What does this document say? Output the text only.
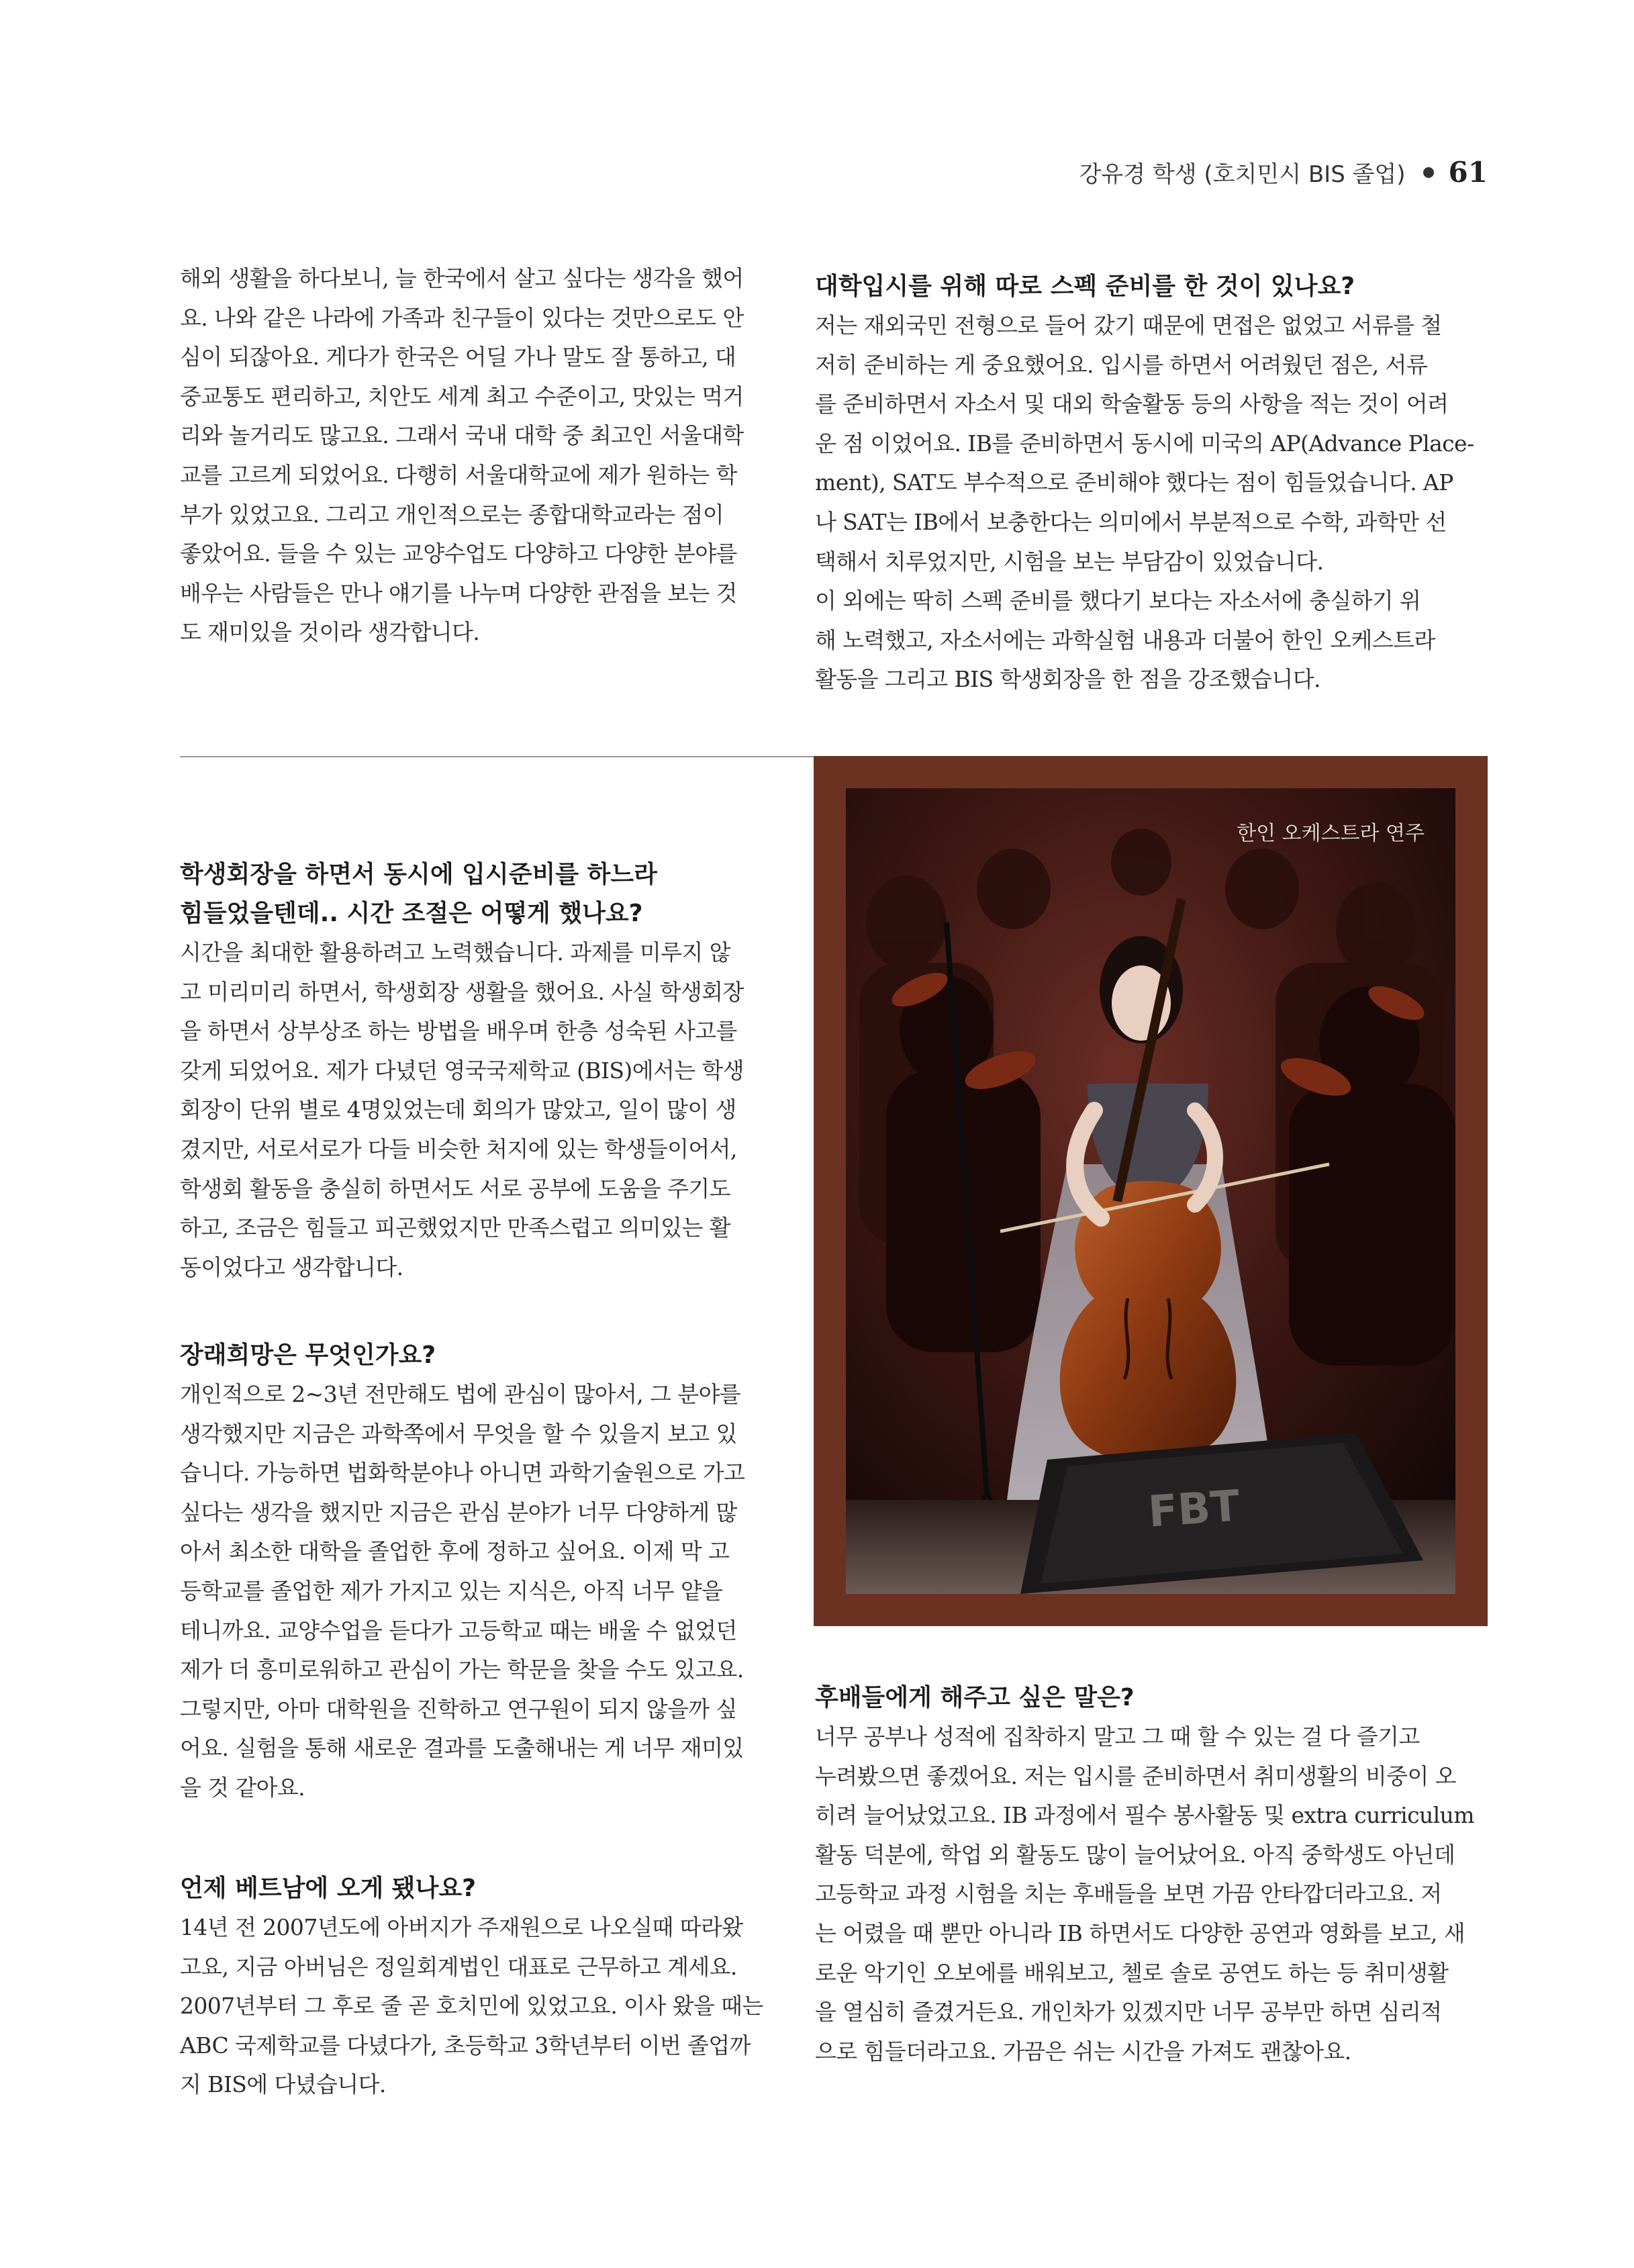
강유경 학생 (호치민시 BIS 졸업) 61
해외 생활을 하다보니, 늘 한국에서 살고 싶다는 생각을 했어
요. 나와 같은 나라에 가족과 친구들이 있다는 것만으로도 안
심이 되잖아요. 게다가 한국은 어딜 가나 말도 잘 통하고, 대
중교통도 편리하고, 치안도 세계 최고 수준이고, 맛있는 먹거
리와 놀거리도 많고요. 그래서 국내 대학 중 최고인 서울대학
교를 고르게 되었어요. 다행히 서울대학교에 제가 원하는 학
부가 있었고요. 그리고 개인적으로는 종합대학교라는 점이
좋았어요. 들을 수 있는 교양수업도 다양하고 다양한 분야를
배우는 사람들은 만나 얘기를 나누며 다양한 관점을 보는 것
도 재미있을 것이라 생각합니다.

대학입시를 위해 따로 스펙 준비를 한 것이 있나요?

저는 재외국민 전형으로 들어 갔기 때문에 면접은 없었고 서류를 철
저히 준비하는 게 중요했어요. 입시를 하면서 어려웠던 점은, 서류
를 준비하면서 자소서 및 대외 학술활동 등의 사항을 적는 것이 어려
운 점 이었어요. IB를 준비하면서 동시에 미국의 AP(Advance Place-
ment), SAT도 부수적으로 준비해야 했다는 점이 힘들었습니다. AP
나 SAT는 IB에서 보충한다는 의미에서 부분적으로 수학, 과학만 선
택해서 치루었지만, 시험을 보는 부담감이 있었습니다.
이 외에는 딱히 스펙 준비를 했다기 보다는 자소서에 충실하기 위
해 노력했고, 자소서에는 과학실험 내용과 더불어 한인 오케스트라
활동을 그리고 BIS 학생회장을 한 점을 강조했습니다.
학생회장을 하면서 동시에 입시준비를 하느라
힘들었을텐데.. 시간 조절은 어떻게 했나요?
시간을 최대한 활용하려고 노력했습니다. 과제를 미루지 않
고 미리미리 하면서, 학생회장 생활을 했어요. 사실 학생회장
을 하면서 상부상조 하는 방법을 배우며 한층 성숙된 사고를
갖게 되었어요. 제가 다녔던 영국국제학교 (BIS)에서는 학생
회장이 단위 별로 4명있었는데 회의가 많았고, 일이 많이 생
겼지만, 서로서로가 다들 비슷한 처지에 있는 학생들이어서,
학생회 활동을 충실히 하면서도 서로 공부에 도움을 주기도
하고, 조금은 힘들고 피곤했었지만 만족스럽고 의미있는 활
동이었다고 생각합니다.

장래희망은 무엇인가요?

개인적으로 2~3년 전만해도 법에 관심이 많아서, 그 분야를
생각했지만 지금은 과학쪽에서 무엇을 할 수 있을지 보고 있
습니다. 가능하면 법화학분야나 아니면 과학기술원으로 가고
싶다는 생각을 했지만 지금은 관심 분야가 너무 다양하게 많
아서 최소한 대학을 졸업한 후에 정하고 싶어요. 이제 막 고
등학교를 졸업한 제가 가지고 있는 지식은, 아직 너무 얕을
테니까요. 교양수업을 듣다가 고등학교 때는 배울 수 없었던
제가 더 흥미로워하고 관심이 가는 학문을 찾을 수도 있고요.
그렇지만, 아마 대학원을 진학하고 연구원이 되지 않을까 싶
어요. 실험을 통해 새로운 결과를 도출해내는 게 너무 재미있
을 것 같아요.

언제 베트남에 오게 됐나요?

14년 전 2007년도에 아버지가 주재원으로 나오실때 따라왔
고요, 지금 아버님은 정일회계법인 대표로 근무하고 계세요.
2007년부터 그 후로 줄 곧 호치민에 있었고요. 이사 왔을 때는
ABC 국제학교를 다녔다가, 초등학교 3학년부터 이번 졸업까
지 BIS에 다녔습니다.
FBT
한인 오케스트라 연주

후배들에게 해주고 싶은 말은?

너무 공부나 성적에 집착하지 말고 그 때 할 수 있는 걸 다 즐기고
누려봤으면 좋겠어요. 저는 입시를 준비하면서 취미생활의 비중이 오
히려 늘어났었고요. IB 과정에서 필수 봉사활동 및 extra curriculum
활동 덕분에, 학업 외 활동도 많이 늘어났어요. 아직 중학생도 아닌데
고등학교 과정 시험을 치는 후배들을 보면 가끔 안타깝더라고요. 저
는 어렸을 때 뿐만 아니라 IB 하면서도 다양한 공연과 영화를 보고, 새
로운 악기인 오보에를 배워보고, 첼로 솔로 공연도 하는 등 취미생활
을 열심히 즐겼거든요. 개인차가 있겠지만 너무 공부만 하면 심리적
으로 힘들더라고요. 가끔은 쉬는 시간을 가져도 괜찮아요.
